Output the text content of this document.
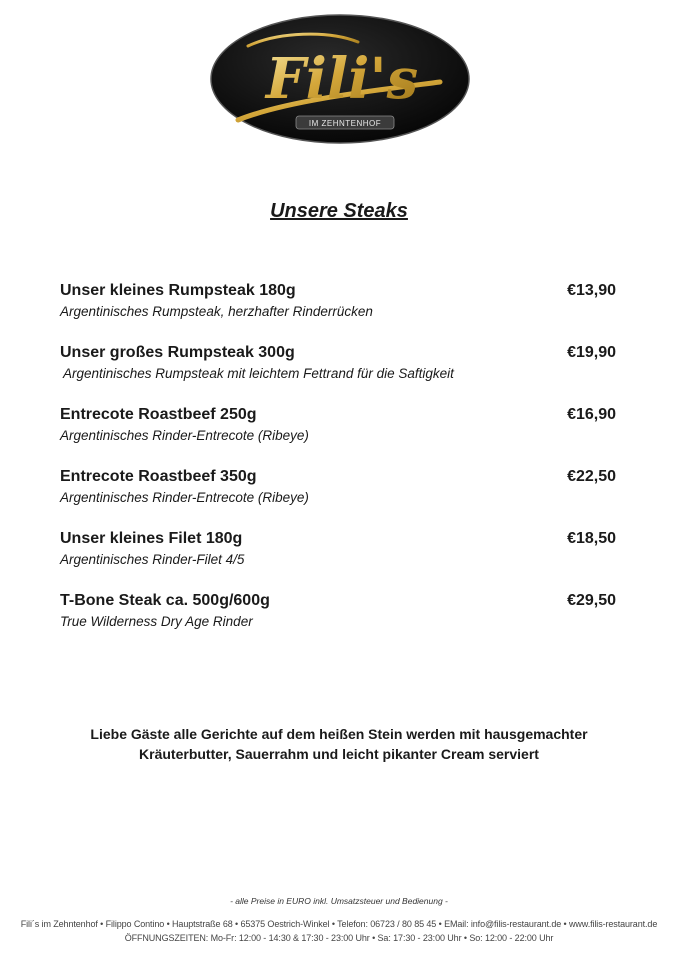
Fili's
IM ZEHNTENHOF
Unsere Steaks
Unser kleines Rumpsteak 180g	€13,90
Argentinisches Rumpsteak, herzhafter Rinderrücken
Unser großes Rumpsteak 300g	€19,90
Argentinisches Rumpsteak mit leichtem Fettrand für die Saftigkeit
Entrecote Roastbeef 250g	€16,90
Argentinisches Rinder-Entrecote (Ribeye)
Entrecote Roastbeef 350g	€22,50
Argentinisches Rinder-Entrecote (Ribeye)
Unser kleines Filet 180g	€18,50
Argentinisches Rinder-Filet 4/5
T-Bone Steak ca. 500g/600g	€29,50
True Wilderness Dry Age Rinder
Liebe Gäste alle Gerichte auf dem heißen Stein werden mit hausgemachter
Kräuterbutter, Sauerrahm und leicht pikanter Cream serviert
- alle Preise in EURO inkl. Umsatzsteuer und Bedienung -
Fili´s im Zehntenhof • Filippo Contino • Hauptstraße 68 • 65375 Oestrich-Winkel • Telefon: 06723 / 80 85 45 • EMail: info@filis-restaurant.de • www.filis-restaurant.de
ÖFFNUNGSZEITEN: Mo-Fr: 12:00 - 14:30 & 17:30 - 23:00 Uhr • Sa: 17:30 - 23:00 Uhr • So: 12:00 - 22:00 Uhr
